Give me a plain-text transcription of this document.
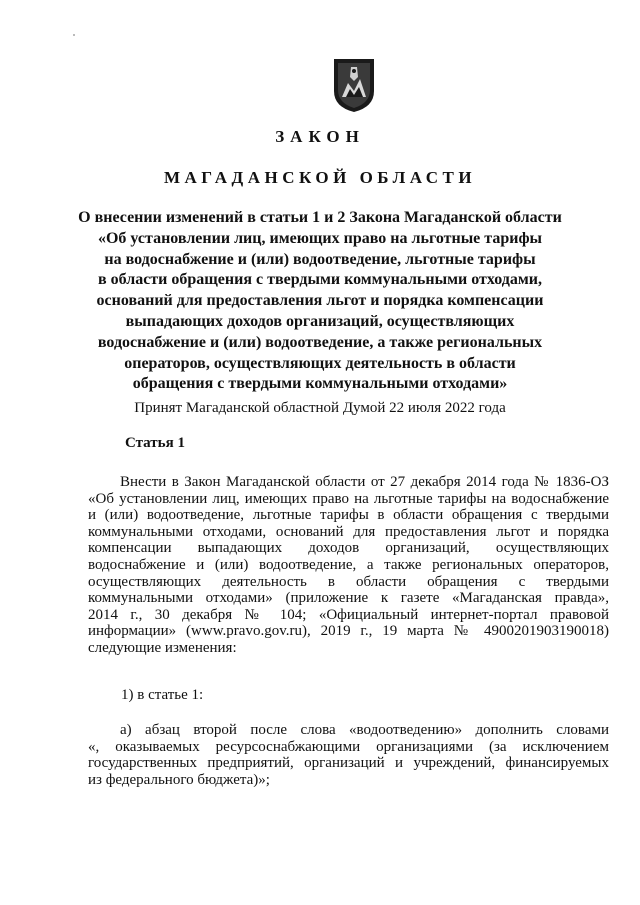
ЗАКОН
МАГАДАНСКОЙ ОБЛАСТИ
О внесении изменений в статьи 1 и 2 Закона Магаданской области
«Об установлении лиц, имеющих право на льготные тарифы
на водоснабжение и (или) водоотведение, льготные тарифы
в области обращения с твердыми коммунальными отходами,
оснований для предоставления льгот и порядка компенсации
выпадающих доходов организаций, осуществляющих
водоснабжение и (или) водоотведение, а также региональных
операторов, осуществляющих деятельность в области
обращения с твердыми коммунальными отходами»
Принят Магаданской областной Думой 22 июля 2022 года
Статья 1
Внести в Закон Магаданской области от 27 декабря 2014 года № 1836-ОЗ
«Об установлении лиц, имеющих право на льготные тарифы на водоснабжение
и (или) водоотведение, льготные тарифы в области обращения с твердыми
коммунальными отходами, оснований для предоставления льгот и порядка
компенсации выпадающих доходов организаций, осуществляющих
водоснабжение и (или) водоотведение, а также региональных операторов,
осуществляющих деятельность в области обращения с твердыми
коммунальными отходами» (приложение к газете «Магаданская правда»,
2014 г., 30 декабря № 104; «Официальный интернет-портал правовой
информации» (www.pravo.gov.ru), 2019 г., 19 марта № 4900201903190018)
следующие изменения:
1) в статье 1:
а) абзац второй после слова «водоотведению» дополнить словами
«, оказываемых ресурсоснабжающими организациями (за исключением
государственных предприятий, организаций и учреждений, финансируемых
из федерального бюджета)»;
